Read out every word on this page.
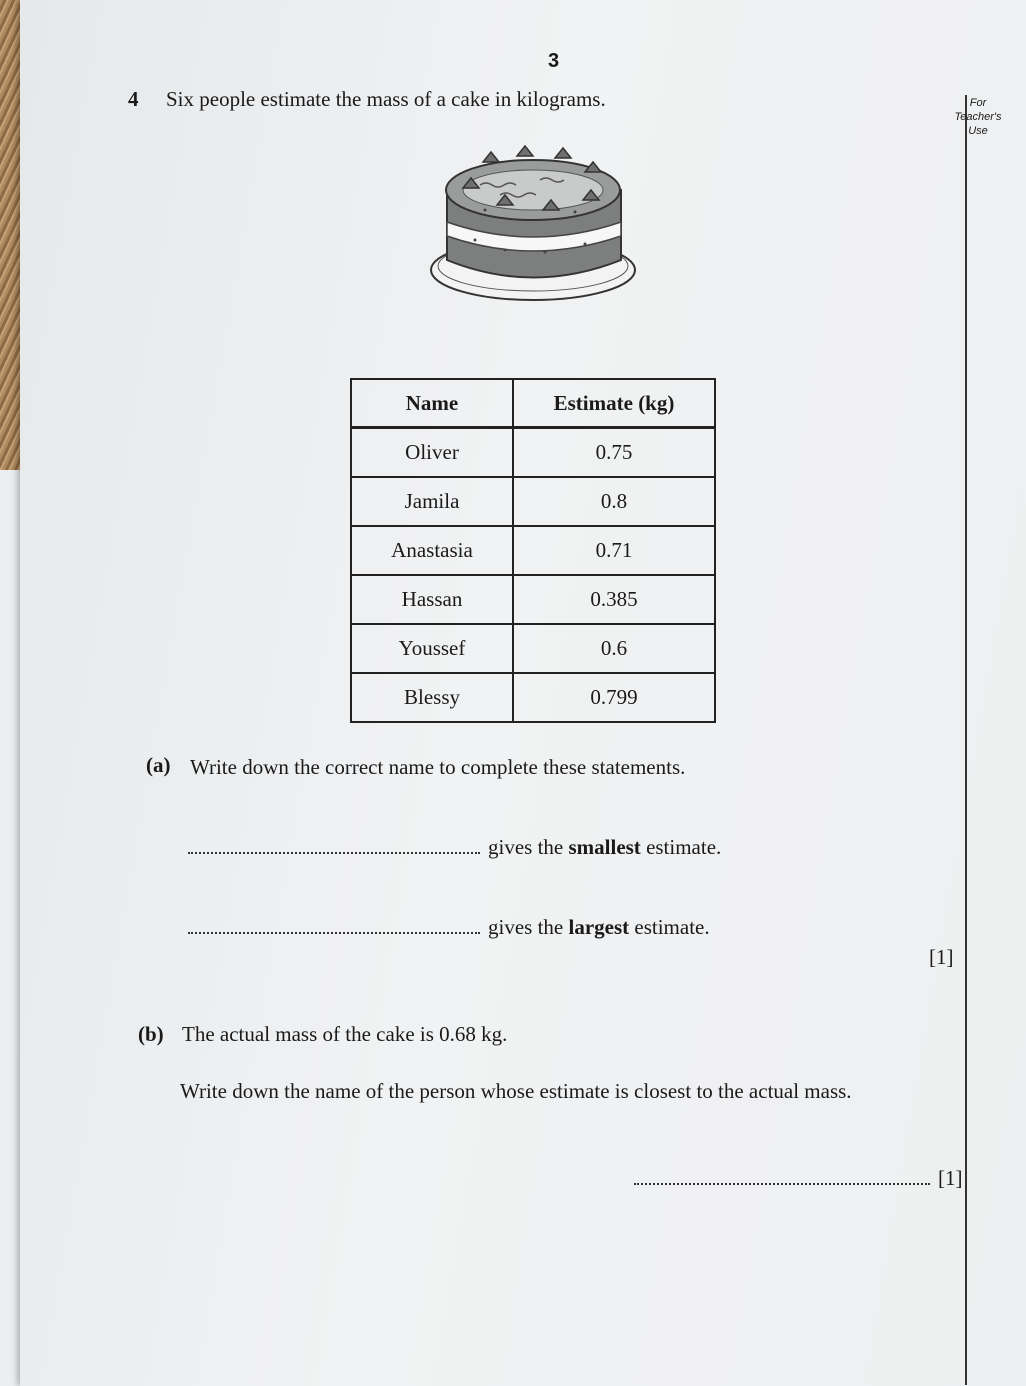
3
For
Teacher's
Use
4 Six people estimate the mass of a cake in kilograms.
Name	Estimate (kg)
Oliver	0.75
Jamila	0.8
Anastasia	0.71
Hassan	0.385
Youssef	0.6
Blessy	0.799
(a) Write down the correct name to complete these statements.
gives the smallest estimate.
gives the largest estimate.
[1]
(b) The actual mass of the cake is 0.68 kg.
Write down the name of the person whose estimate is closest to the actual mass.
[1]
